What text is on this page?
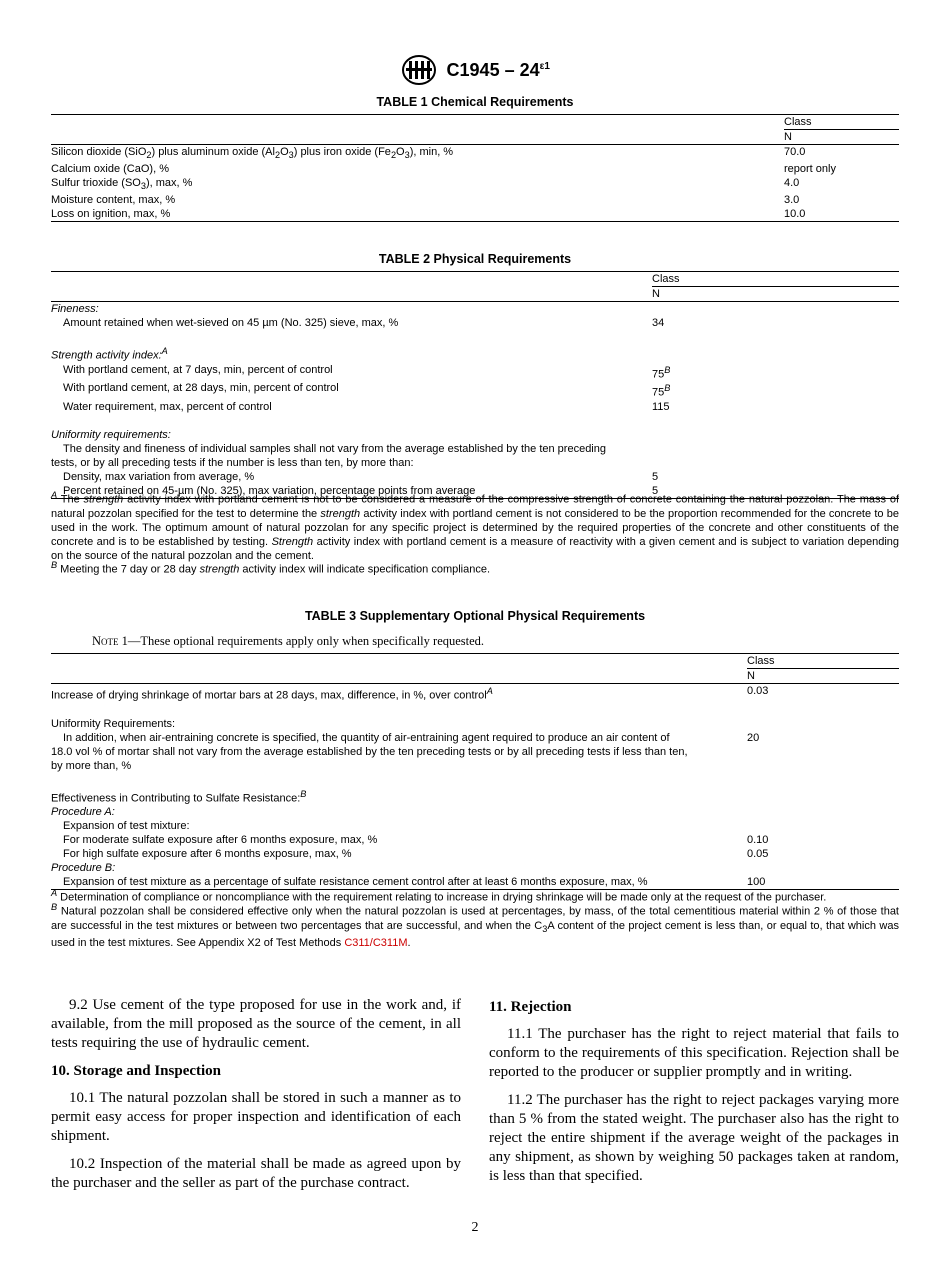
$C1945 - 24^{\varepsilon 1}$
TABLE 1 Chemical Requirements
	Class
	N
Silicon dioxide (SiO$_2$) plus aluminum oxide $(Al_2O_3)$ plus iron oxide $(Fe_2O_3)$, min, %	70.0
Calcium oxide (CaO), %	report only
Sulfur trioxide $(SO_3)$, max, %	4.0
Moisture content, max, %	3.0
Loss on ignition, max, %	10.0
TABLE 2 Physical Requirements
	Class
	N
Fineness:	
Amount retained when wet-sieved on 45 µm (No. 325) sieve, max, %	34

Strength activity index:$^A$	
With portland cement, at 7 days, min, percent of control	$75^B$
With portland cement, at 28 days, min, percent of control	$75^B$
Water requirement, max, percent of control	115

Uniformity requirements:	
The density and fineness of individual samples shall not vary from the average established by the ten preceding	
tests, or by all preceding tests if the number is less than ten, by more than:	
Density, max variation from average, %	5
Percent retained on 45-µm (No. 325), max variation, percentage points from average	5
$^A$ The strength activity index with portland cement is not to be considered a measure of the compressive strength of concrete containing the natural pozzolan. The mass of natural pozzolan specified for the test to determine the strength activity index with portland cement is not considered to be the proportion recommended for the concrete to be used in the work. The optimum amount of natural pozzolan for any specific project is determined by the required properties of the concrete and other constituents of the concrete and is to be established by testing. Strength activity index with portland cement is a measure of reactivity with a given cement and is subject to variation depending on the source of the natural pozzolan and the cement.
$^B$ Meeting the 7 day or 28 day strength activity index will indicate specification compliance.
TABLE 3 Supplementary Optional Physical Requirements
Note 1—These optional requirements apply only when specifically requested.
	Class
	N
Increase of drying shrinkage of mortar bars at 28 days, max, difference, in %, over control$^A$	0.03

Uniformity Requirements:	
In addition, when air-entraining concrete is specified, the quantity of air-entraining agent required to produce an air content of	20
18.0 vol % of mortar shall not vary from the average established by the ten preceding tests or by all preceding tests if less than ten,	
by more than, %	

Effectiveness in Contributing to Sulfate Resistance:$^B$	
Procedure A:	
Expansion of test mixture:	
For moderate sulfate exposure after 6 months exposure, max, %	0.10
For high sulfate exposure after 6 months exposure, max, %	0.05
Procedure B:	
Expansion of test mixture as a percentage of sulfate resistance cement control after at least 6 months exposure, max, %	100
$^A$ Determination of compliance or noncompliance with the requirement relating to increase in drying shrinkage will be made only at the request of the purchaser.
$^B$ Natural pozzolan shall be considered effective only when the natural pozzolan is used at percentages, by mass, of the total cementitious material within 2 % of those that are successful in the test mixtures or between two percentages that are successful, and when the $C_3A$ content of the project cement is less than, or equal to, that which was used in the test mixtures. See Appendix X2 of Test Methods C311/C311M.

9.2 Use cement of the type proposed for use in the work and, if available, from the mill proposed as the source of the cement, in all tests requiring the use of hydraulic cement.

10. Storage and Inspection

10.1 The natural pozzolan shall be stored in such a manner as to permit easy access for proper inspection and identification of each shipment.

10.2 Inspection of the material shall be made as agreed upon by the purchaser and the seller as part of the purchase contract.

11. Rejection

11.1 The purchaser has the right to reject material that fails to conform to the requirements of this specification. Rejection shall be reported to the producer or supplier promptly and in writing.

11.2 The purchaser has the right to reject packages varying more than 5 % from the stated weight. The purchaser also has the right to reject the entire shipment if the average weight of the packages in any shipment, as shown by weighing 50 packages taken at random, is less than that specified.

2
